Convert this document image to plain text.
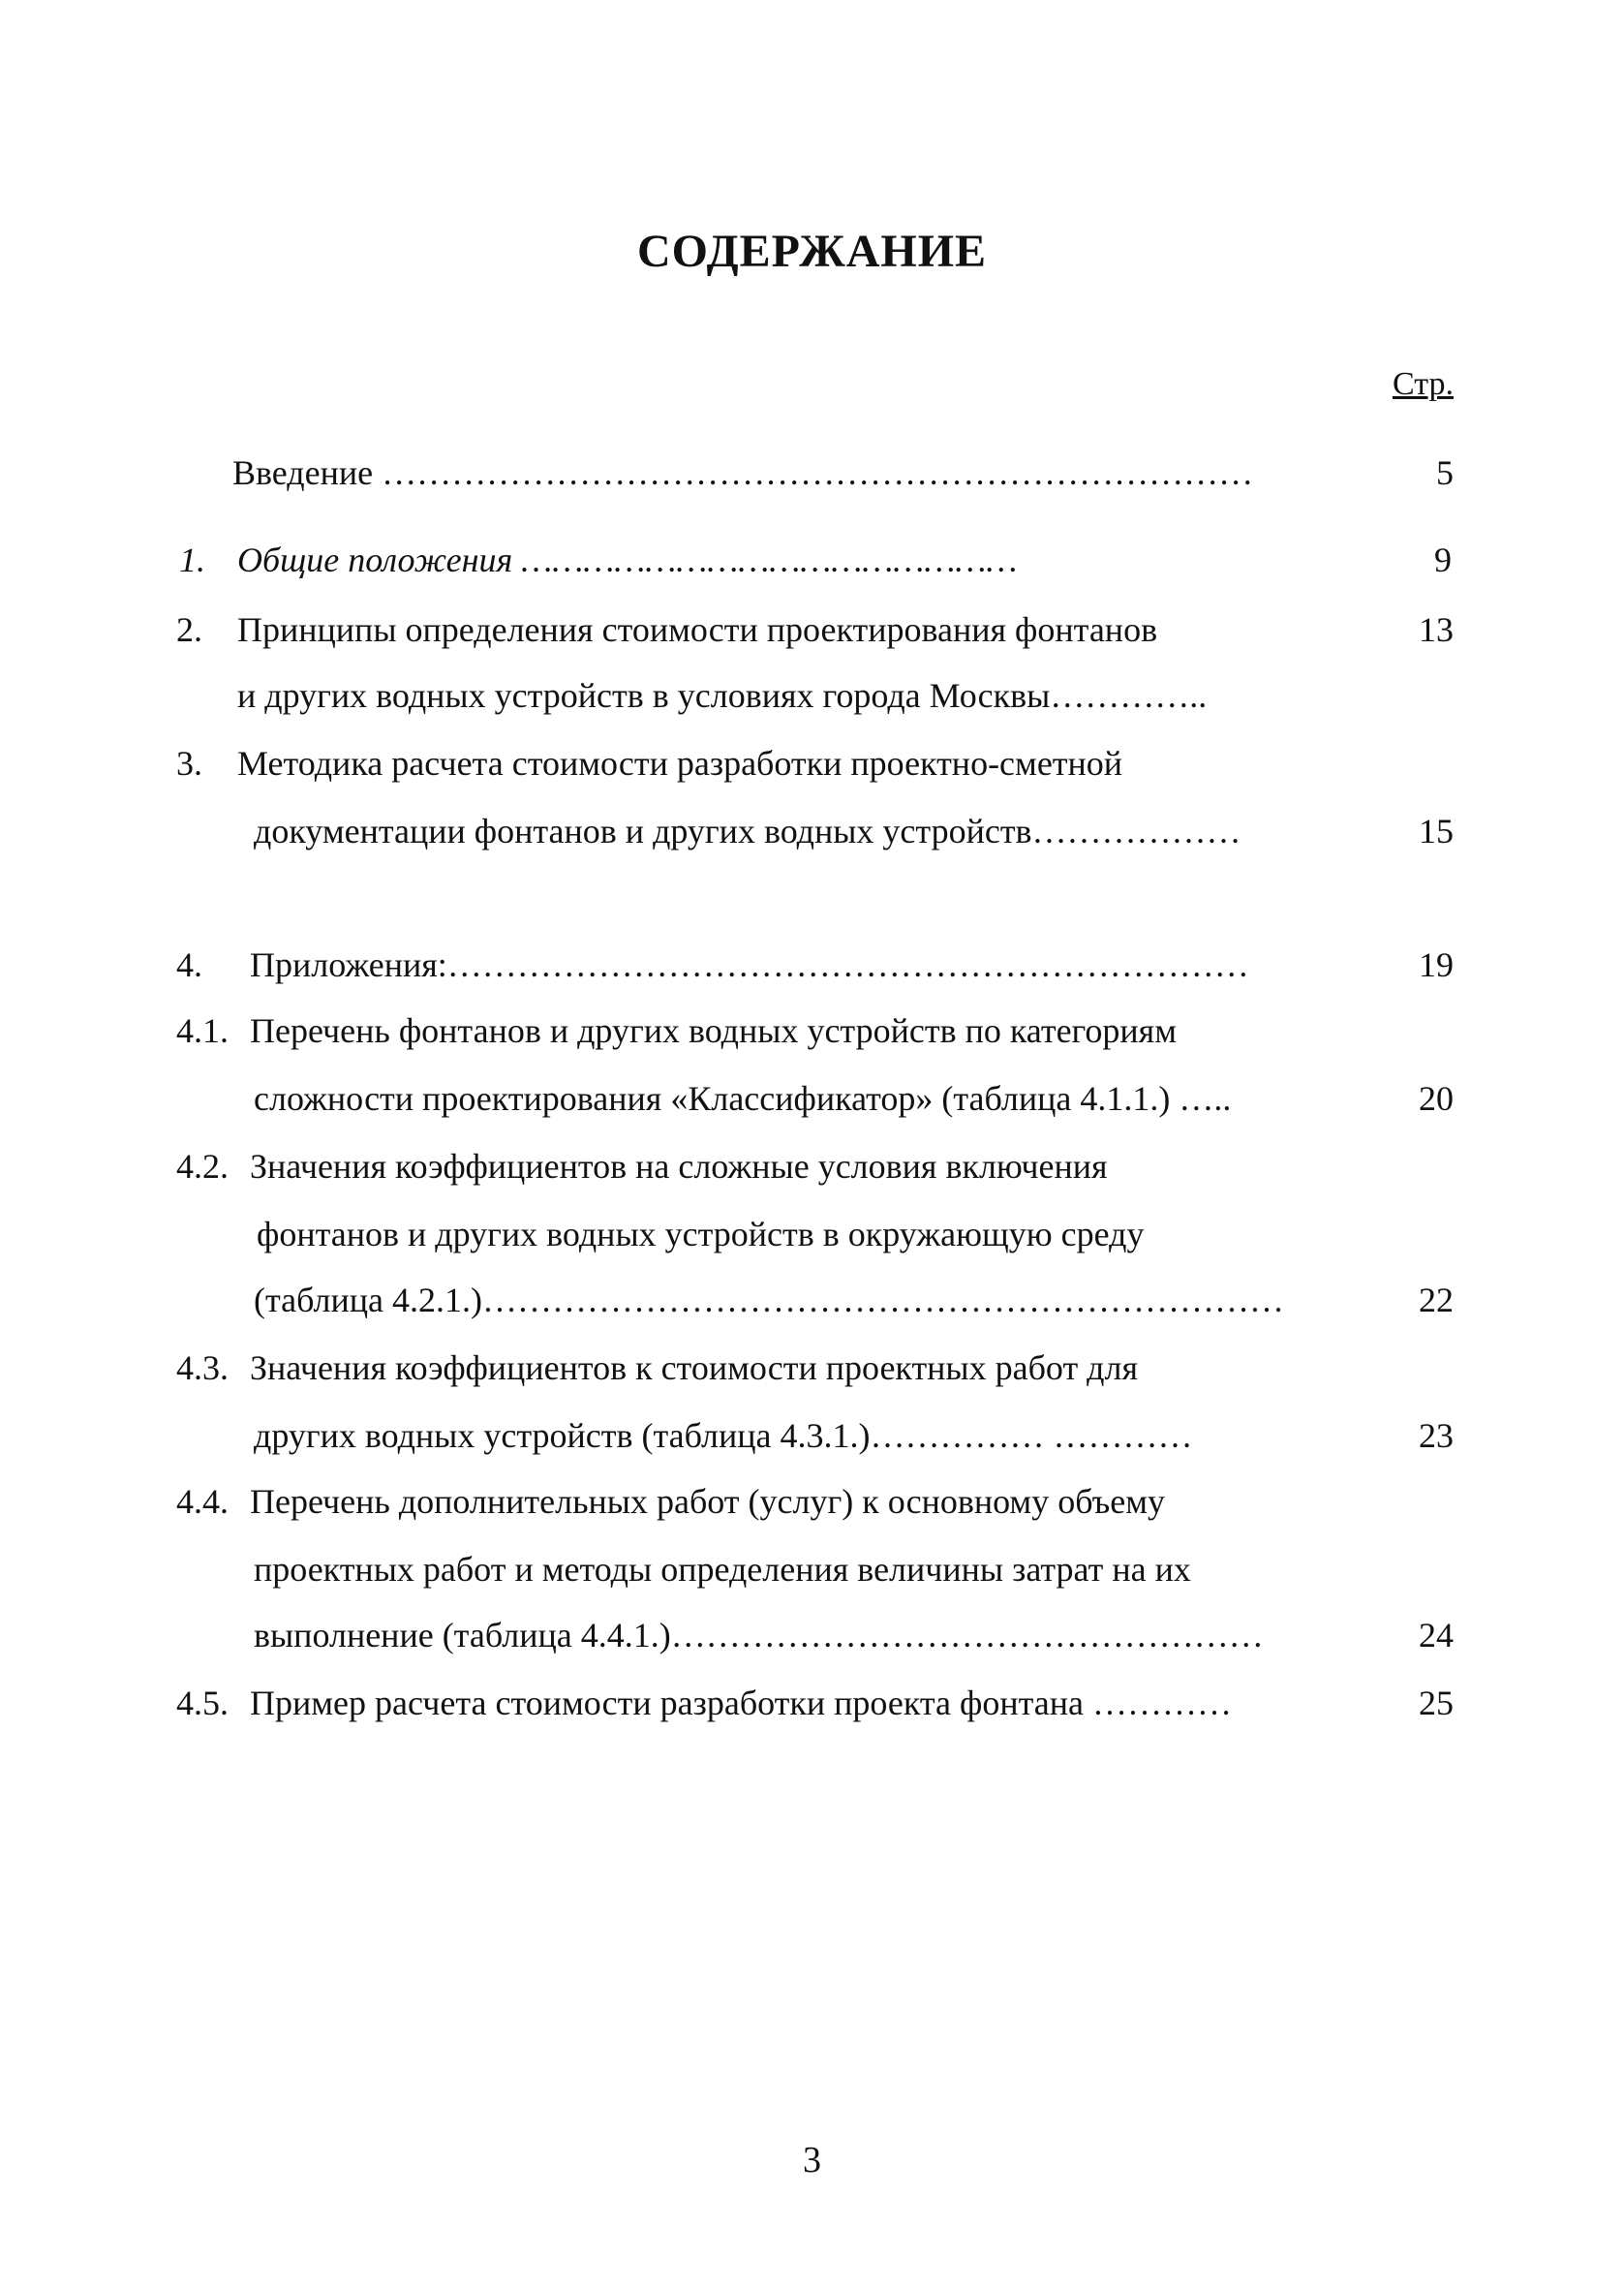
СОДЕРЖАНИЕ
Стр.
Введение …………………………………………………………………	5
1. Общие положения …………………………………………	9
2. Принципы определения стоимости проектирования фонтанов	13
и других водных устройств в условиях города Москвы…………..
3. Методика расчета стоимости разработки проектно-сметной
документации фонтанов и других водных устройств………………	15
4. Приложения:……………………………………………………………	19
4.1. Перечень фонтанов и других водных устройств по категориям
сложности проектирования «Классификатор» (таблица 4.1.1.) …..	20
4.2. Значения коэффициентов на сложные условия включения
фонтанов и других водных устройств в окружающую среду
(таблица 4.2.1.)……………………………………………………………	22
4.3. Значения коэффициентов к стоимости проектных работ для
других водных устройств (таблица 4.3.1.)…………… …………	23
4.4. Перечень дополнительных работ (услуг) к основному объему
проектных работ и методы определения величины затрат на их
выполнение (таблица 4.4.1.)……………………………………………	24
4.5. Пример расчета стоимости разработки проекта фонтана …………	25
3
